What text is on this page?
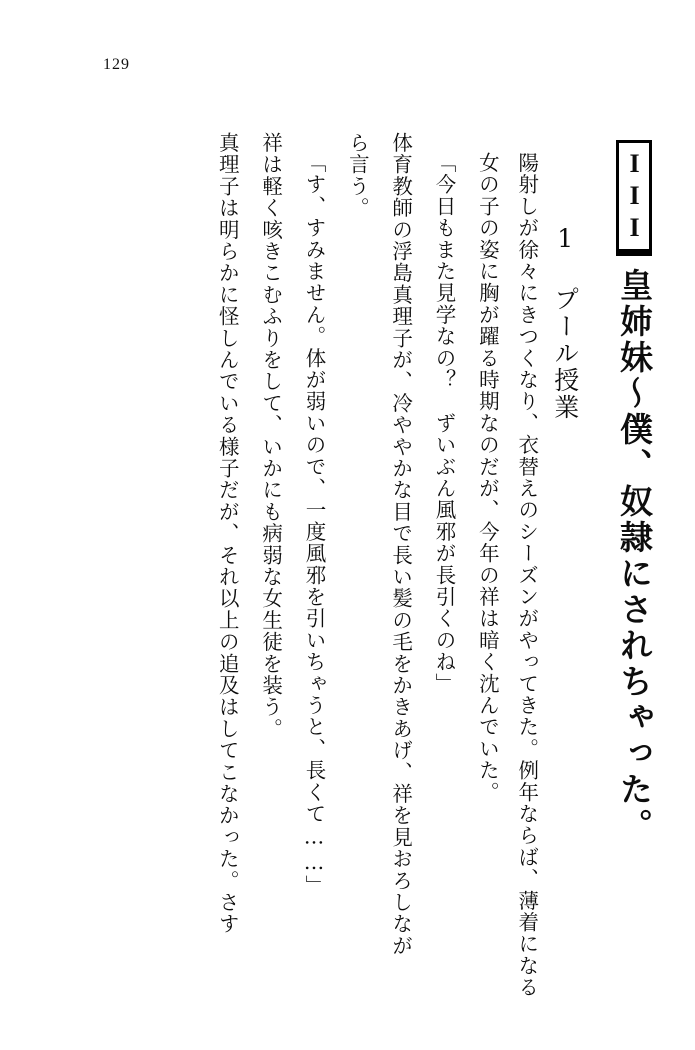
129
III皇姉妹〜僕、奴隷にされちゃった。
1 プール授業
陽射しが徐々にきつくなり、衣替えのシーズンがやってきた。例年ならば、薄着になる女の子の姿に胸が躍る時期なのだが、今年の祥は暗く沈んでいた。
「今日もまた見学なの？　ずいぶん風邪が長引くのね」
体育教師の浮島真理子が、冷ややかな目で長い髪の毛をかきあげ、祥を見おろしなが
ら言う。
「す、すみません。体が弱いので、一度風邪を引いちゃうと、長くて……」
祥は軽く咳きこむふりをして、いかにも病弱な女生徒を装う。
真理子は明らかに怪しんでいる様子だが、それ以上の追及はしてこなかった。さす
